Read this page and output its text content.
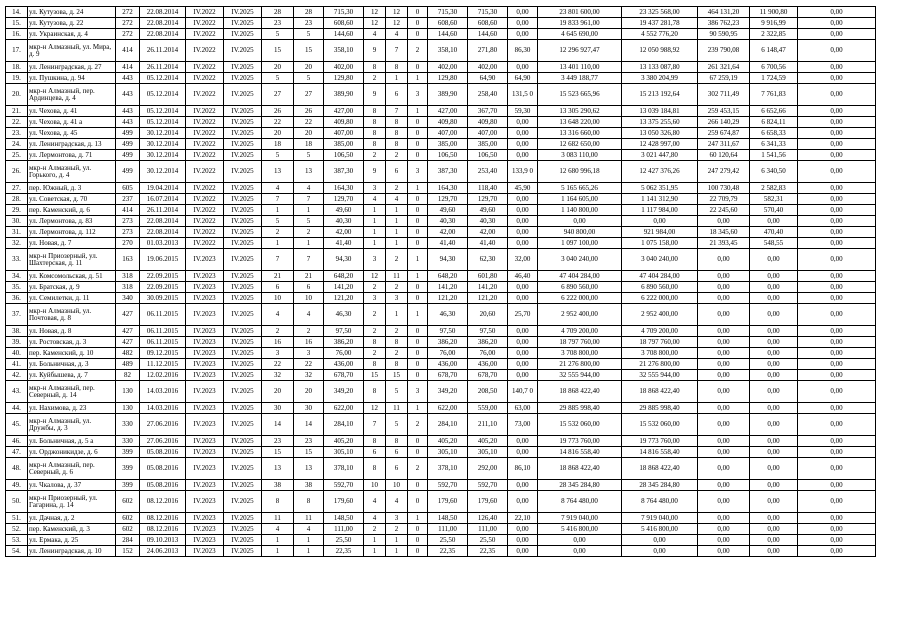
14.	ул. Кутузова, д. 24	272	22.08.2014	IV.2022	IV.2025	28	28	715,30	12	12	0	715,30	715,30	0,00	23 801 600,00	23 325 568,00	464 131,20	11 900,80	0,00
15.	ул. Кутузова, д. 22	272	22.08.2014	IV.2022	IV.2025	23	23	608,60	12	12	0	608,60	608,60	0,00	19 833 961,00	19 437 281,78	386 762,23	9 916,99	0,00
16.	ул. Украинская, д. 4	272	22.08.2014	IV.2022	IV.2025	5	5	144,60	4	4	0	144,60	144,60	0,00	4 645 690,00	4 552 776,20	90 590,95	2 322,85	0,00
17.	мкр-н Алмазный, ул. Мира, д. 9	414	26.11.2014	IV.2022	IV.2025	15	15	358,10	9	7	2	358,10	271,80	86,30	12 296 927,47	12 050 988,92	239 790,08	6 148,47	0,00
18.	ул. Ленинградская, д. 27	414	26.11.2014	IV.2022	IV.2025	20	20	402,00	8	8	0	402,00	402,00	0,00	13 401 110,00	13 133 087,80	261 321,64	6 700,56	0,00
19.	ул. Пушкина, д. 94	443	05.12.2014	IV.2022	IV.2025	5	5	129,80	2	1	1	129,80	64,90	64,90	3 449 188,77	3 380 204,99	67 259,19	1 724,59	0,00
20.	мкр-н Алмазный, пер. Ардинцева, д. 4	443	05.12.2014	IV.2022	IV.2025	27	27	389,90	9	6	3	389,90	258,40	131,5 0	15 523 665,96	15 213 192,64	302 711,49	7 761,83	0,00
21.	ул. Чехова, д. 41	443	05.12.2014	IV.2022	IV.2025	26	26	427,00	8	7	1	427,00	367,70	59,30	13 305 290,62	13 039 184,81	259 453,15	6 652,66	0,00
22.	ул. Чехова, д. 41 а	443	05.12.2014	IV.2022	IV.2025	22	22	409,80	8	8	0	409,80	409,80	0,00	13 648 220,00	13 375 255,60	266 140,29	6 824,11	0,00
23.	ул. Чехова, д. 45	499	30.12.2014	IV.2022	IV.2025	20	20	407,00	8	8	0	407,00	407,00	0,00	13 316 660,00	13 050 326,80	259 674,87	6 658,33	0,00
24.	ул. Ленинградская, д. 13	499	30.12.2014	IV.2022	IV.2025	18	18	385,00	8	8	0	385,00	385,00	0,00	12 682 650,00	12 428 997,00	247 311,67	6 341,33	0,00
25.	ул. Лермонтова, д. 71	499	30.12.2014	IV.2022	IV.2025	5	5	106,50	2	2	0	106,50	106,50	0,00	3 083 110,00	3 021 447,80	60 120,64	1 541,56	0,00
26.	мкр-н Алмазный, ул. Горького, д. 4	499	30.12.2014	IV.2022	IV.2025	13	13	387,30	9	6	3	387,30	253,40	133,9 0	12 680 996,18	12 427 376,26	247 279,42	6 340,50	0,00
27.	пер. Южный, д. 3	605	19.04.2014	IV.2022	IV.2025	4	4	164,30	3	2	1	164,30	118,40	45,90	5 165 665,26	5 062 351,95	100 730,48	2 582,83	0,00
28.	ул. Советская, д. 70	237	16.07.2014	IV.2022	IV.2025	7	7	129,70	4	4	0	129,70	129,70	0,00	1 164 605,00	1 141 312,90	22 709,79	582,31	0,00
29.	пер. Каменский, д. 6	414	26.11.2014	IV.2022	IV.2025	1	1	49,60	1	1	0	49,60	49,60	0,00	1 140 800,00	1 117 984,00	22 245,60	570,40	0,00
30.	ул. Лермонтова, д. 83	273	22.08.2014	IV.2022	IV.2025	5	5	40,30	1	1	0	40,30	40,30	0,00	0,00	0,00	0,00	0,00	0,00
31.	ул. Лермонтова, д. 112	273	22.08.2014	IV.2022	IV.2025	2	2	42,00	1	1	0	42,00	42,00	0,00	940 800,00	921 984,00	18 345,60	470,40	0,00
32.	ул. Новая, д. 7	270	01.03.2013	IV.2022	IV.2025	1	1	41,40	1	1	0	41,40	41,40	0,00	1 097 100,00	1 075 158,00	21 393,45	548,55	0,00
33.	мкр-н Приозерный, ул. Шахтерская, д. 11	163	19.06.2015	IV.2023	IV.2025	7	7	94,30	3	2	1	94,30	62,30	32,00	3 040 240,00	3 040 240,00	0,00	0,00	0,00
34.	ул. Комсомольская, д. 51	318	22.09.2015	IV.2023	IV.2025	21	21	648,20	12	11	1	648,20	601,80	46,40	47 404 284,00	47 404 284,00	0,00	0,00	0,00
35.	ул. Братская, д. 9	318	22.09.2015	IV.2023	IV.2025	6	6	141,20	2	2	0	141,20	141,20	0,00	6 890 560,00	6 890 560,00	0,00	0,00	0,00
36.	ул. Семилетки, д. 11	340	30.09.2015	IV.2023	IV.2025	10	10	121,20	3	3	0	121,20	121,20	0,00	6 222 000,00	6 222 000,00	0,00	0,00	0,00
37.	мкр-н Алмазный, ул. Почтовая, д. 8	427	06.11.2015	IV.2023	IV.2025	4	4	46,30	2	1	1	46,30	20,60	25,70	2 952 400,00	2 952 400,00	0,00	0,00	0,00
38.	ул. Новая, д. 8	427	06.11.2015	IV.2023	IV.2025	2	2	97,50	2	2	0	97,50	97,50	0,00	4 709 200,00	4 709 200,00	0,00	0,00	0,00
39.	ул. Ростовская, д. 3	427	06.11.2015	IV.2023	IV.2025	16	16	386,20	8	8	0	386,20	386,20	0,00	18 797 760,00	18 797 760,00	0,00	0,00	0,00
40.	пер. Каменский, д. 10	482	09.12.2015	IV.2023	IV.2025	3	3	76,00	2	2	0	76,00	76,00	0,00	3 708 800,00	3 708 800,00	0,00	0,00	0,00
41.	ул. Больничная, д. 3	489	11.12.2015	IV.2023	IV.2025	22	22	436,00	8	8	0	436,00	436,00	0,00	21 276 800,00	21 276 800,00	0,00	0,00	0,00
42.	ул. Куйбышева, д. 7	82	12.02.2016	IV.2023	IV.2025	32	32	678,70	15	15	0	678,70	678,70	0,00	32 555 944,00	32 555 944,00	0,00	0,00	0,00
43.	мкр-н Алмазный, пер. Северный, д. 14	130	14.03.2016	IV.2023	IV.2025	20	20	349,20	8	5	3	349,20	208,50	140,7 0	18 868 422,40	18 868 422,40	0,00	0,00	0,00
44.	ул. Нахимова, д. 23	130	14.03.2016	IV.2023	IV.2025	30	30	622,00	12	11	1	622,00	559,00	63,00	29 885 998,40	29 885 998,40	0,00	0,00	0,00
45.	мкр-н Алмазный, ул. Дружбы, д. 3	330	27.06.2016	IV.2023	IV.2025	14	14	284,10	7	5	2	284,10	211,10	73,00	15 532 060,00	15 532 060,00	0,00	0,00	0,00
46.	ул. Больничная, д. 5 а	330	27.06.2016	IV.2023	IV.2025	23	23	405,20	8	8	0	405,20	405,20	0,00	19 773 760,00	19 773 760,00	0,00	0,00	0,00
47.	ул. Орджоникидзе, д. 6	399	05.08.2016	IV.2023	IV.2025	15	15	305,10	6	6	0	305,10	305,10	0,00	14 816 558,40	14 816 558,40	0,00	0,00	0,00
48.	мкр-н Алмазный, пер. Северный, д. 6	399	05.08.2016	IV.2023	IV.2025	13	13	378,10	8	6	2	378,10	292,00	86,10	18 868 422,40	18 868 422,40	0,00	0,00	0,00
49.	ул. Чкалова, д. 37	399	05.08.2016	IV.2023	IV.2025	38	38	592,70	10	10	0	592,70	592,70	0,00	28 345 284,80	28 345 284,80	0,00	0,00	0,00
50.	мкр-н Приозерный, ул. Гагарина, д. 14	602	08.12.2016	IV.2023	IV.2025	8	8	179,60	4	4	0	179,60	179,60	0,00	8 764 480,00	8 764 480,00	0,00	0,00	0,00
51.	ул. Дачная, д. 2	602	08.12.2016	IV.2023	IV.2025	11	11	148,50	4	3	1	148,50	126,40	22,10	7 919 040,00	7 919 040,00	0,00	0,00	0,00
52.	пер. Каменский, д. 3	602	08.12.2016	IV.2023	IV.2025	4	4	111,00	2	2	0	111,00	111,00	0,00	5 416 800,00	5 416 800,00	0,00	0,00	0,00
53.	ул. Ермака, д. 25	284	09.10.2013	IV.2023	IV.2025	1	1	25,50	1	1	0	25,50	25,50	0,00	0,00	0,00	0,00	0,00	0,00
54.	ул. Ленинградская, д. 10	152	24.06.2013	IV.2023	IV.2025	1	1	22,35	1	1	0	22,35	22,35	0,00	0,00	0,00	0,00	0,00	0,00
